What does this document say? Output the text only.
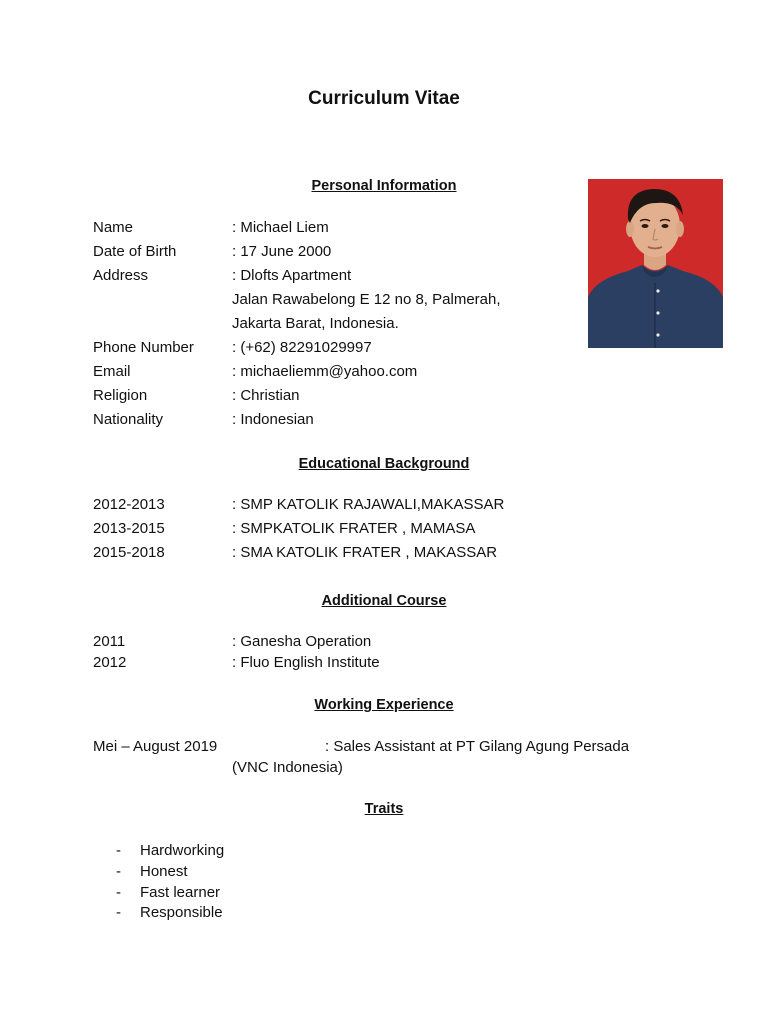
Curriculum Vitae
Personal Information
Name	: Michael Liem
Date of Birth	: 17 June 2000
Address	: Dlofts Apartment
Jalan Rawabelong E 12 no 8, Palmerah,
Jakarta Barat, Indonesia.
Phone Number	: (+62) 82291029997
Email	: michaeliemm@yahoo.com
Religion	: Christian
Nationality	: Indonesian
Educational Background
2012-2013	: SMP KATOLIK RAJAWALI,MAKASSAR
2013-2015	: SMPKATOLIK FRATER , MAMASA
2015-2018	: SMA KATOLIK FRATER , MAKASSAR
Additional Course
2011	: Ganesha Operation
2012	: Fluo English Institute
Working Experience
Mei – August 2019	: Sales Assistant at PT Gilang Agung Persada
(VNC Indonesia)
Traits
- Hardworking
- Honest
- Fast learner
- Responsible
